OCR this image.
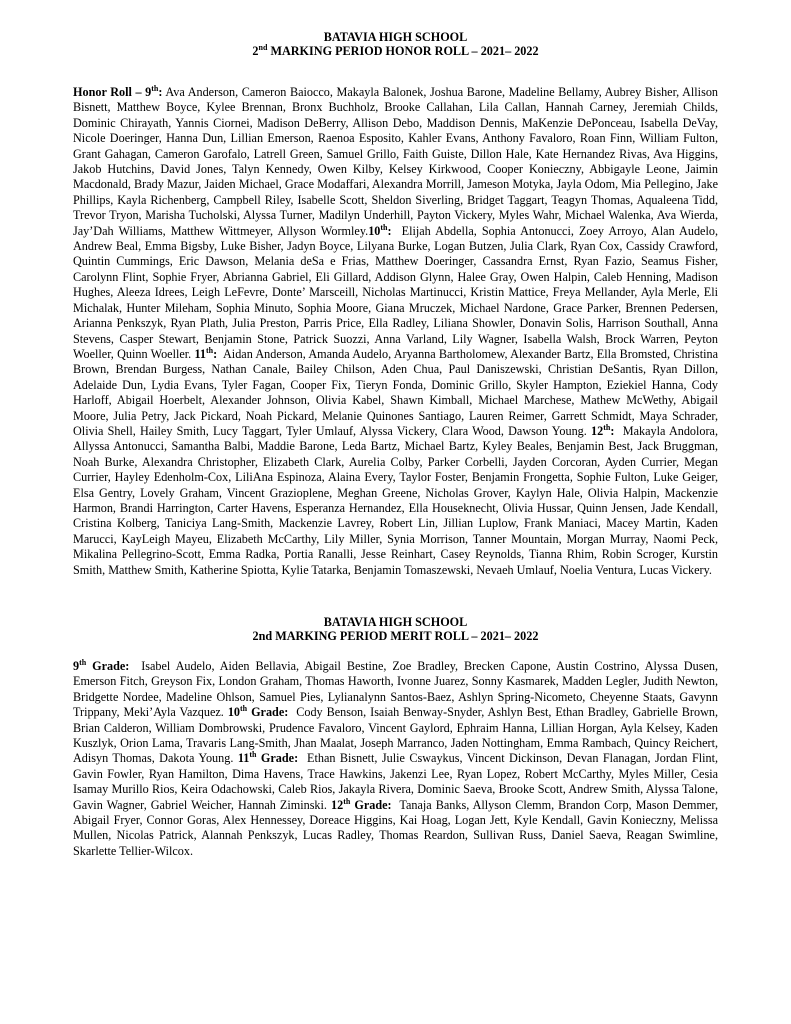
BATAVIA HIGH SCHOOL
2nd MARKING PERIOD HONOR ROLL – 2021– 2022

Honor Roll – 9th: Ava Anderson, Cameron Baiocco, Makayla Balonek, Joshua Barone, Madeline Bellamy, Aubrey Bisher, Allison Bisnett, Matthew Boyce, Kylee Brennan, Bronx Buchholz, Brooke Callahan, Lila Callan, Hannah Carney, Jeremiah Childs, Dominic Chirayath, Yannis Ciornei, Madison DeBerry, Allison Debo, Maddison Dennis, MaKenzie DePonceau, Isabella DeVay, Nicole Doeringer, Hanna Dun, Lillian Emerson, Raenoa Esposito, Kahler Evans, Anthony Favaloro, Roan Finn, William Fulton, Grant Gahagan, Cameron Garofalo, Latrell Green, Samuel Grillo, Faith Guiste, Dillon Hale, Kate Hernandez Rivas, Ava Higgins, Jakob Hutchins, David Jones, Talyn Kennedy, Owen Kilby, Kelsey Kirkwood, Cooper Konieczny, Abbigayle Leone, Jaimin Macdonald, Brady Mazur, Jaiden Michael, Grace Modaffari, Alexandra Morrill, Jameson Motyka, Jayla Odom, Mia Pellegino, Jake Phillips, Kayla Richenberg, Campbell Riley, Isabelle Scott, Sheldon Siverling, Bridget Taggart, Teagyn Thomas, Aqualeena Tidd, Trevor Tryon, Marisha Tucholski, Alyssa Turner, Madilyn Underhill, Payton Vickery, Myles Wahr, Michael Walenka, Ava Wierda, Jay’Dah Williams, Matthew Wittmeyer, Allyson Wormley.10th: Elijah Abdella, Sophia Antonucci, Zoey Arroyo, Alan Audelo, Andrew Beal, Emma Bigsby, Luke Bisher, Jadyn Boyce, Lilyana Burke, Logan Butzen, Julia Clark, Ryan Cox, Cassidy Crawford, Quintin Cummings, Eric Dawson, Melania deSa e Frias, Matthew Doeringer, Cassandra Ernst, Ryan Fazio, Seamus Fisher, Carolynn Flint, Sophie Fryer, Abrianna Gabriel, Eli Gillard, Addison Glynn, Halee Gray, Owen Halpin, Caleb Henning, Madison Hughes, Aleeza Idrees, Leigh LeFevre, Donte’ Marsceill, Nicholas Martinucci, Kristin Mattice, Freya Mellander, Ayla Merle, Eli Michalak, Hunter Mileham, Sophia Minuto, Sophia Moore, Giana Mruczek, Michael Nardone, Grace Parker, Brennen Pedersen, Arianna Penkszyk, Ryan Plath, Julia Preston, Parris Price, Ella Radley, Liliana Showler, Donavin Solis, Harrison Southall, Anna Stevens, Casper Stewart, Benjamin Stone, Patrick Suozzi, Anna Varland, Lily Wagner, Isabella Walsh, Brock Warren, Peyton Woeller, Quinn Woeller. 11th: Aidan Anderson, Amanda Audelo, Aryanna Bartholomew, Alexander Bartz, Ella Bromsted, Christina Brown, Brendan Burgess, Nathan Canale, Bailey Chilson, Aden Chua, Paul Daniszewski, Christian DeSantis, Ryan Dillon, Adelaide Dun, Lydia Evans, Tyler Fagan, Cooper Fix, Tieryn Fonda, Dominic Grillo, Skyler Hampton, Eziekiel Hanna, Cody Harloff, Abigail Hoerbelt, Alexander Johnson, Olivia Kabel, Shawn Kimball, Michael Marchese, Mathew McWethy, Abigail Moore, Julia Petry, Jack Pickard, Noah Pickard, Melanie Quinones Santiago, Lauren Reimer, Garrett Schmidt, Maya Schrader, Olivia Shell, Hailey Smith, Lucy Taggart, Tyler Umlauf, Alyssa Vickery, Clara Wood, Dawson Young. 12th: Makayla Andolora, Allyssa Antonucci, Samantha Balbi, Maddie Barone, Leda Bartz, Michael Bartz, Kyley Beales, Benjamin Best, Jack Bruggman, Noah Burke, Alexandra Christopher, Elizabeth Clark, Aurelia Colby, Parker Corbelli, Jayden Corcoran, Ayden Currier, Megan Currier, Hayley Edenholm-Cox, LiliAna Espinoza, Alaina Every, Taylor Foster, Benjamin Frongetta, Sophie Fulton, Luke Geiger, Elsa Gentry, Lovely Graham, Vincent Grazioplene, Meghan Greene, Nicholas Grover, Kaylyn Hale, Olivia Halpin, Mackenzie Harmon, Brandi Harrington, Carter Havens, Esperanza Hernandez, Ella Houseknecht, Olivia Hussar, Quinn Jensen, Jade Kendall, Cristina Kolberg, Taniciya Lang-Smith, Mackenzie Lavrey, Robert Lin, Jillian Luplow, Frank Maniaci, Macey Martin, Kaden Marucci, KayLeigh Mayeu, Elizabeth McCarthy, Lily Miller, Synia Morrison, Tanner Mountain, Morgan Murray, Naomi Peck, Mikalina Pellegrino-Scott, Emma Radka, Portia Ranalli, Jesse Reinhart, Casey Reynolds, Tianna Rhim, Robin Scroger, Kurstin Smith, Matthew Smith, Katherine Spiotta, Kylie Tatarka, Benjamin Tomaszewski, Nevaeh Umlauf, Noelia Ventura, Lucas Vickery.

BATAVIA HIGH SCHOOL
2nd MARKING PERIOD MERIT ROLL – 2021– 2022

9th Grade: Isabel Audelo, Aiden Bellavia, Abigail Bestine, Zoe Bradley, Brecken Capone, Austin Costrino, Alyssa Dusen, Emerson Fitch, Greyson Fix, London Graham, Thomas Haworth, Ivonne Juarez, Sonny Kasmarek, Madden Legler, Judith Newton, Bridgette Nordee, Madeline Ohlson, Samuel Pies, Lylianalynn Santos-Baez, Ashlyn Spring-Nicometo, Cheyenne Staats, Gavynn Trippany, Meki’Ayla Vazquez. 10th Grade: Cody Benson, Isaiah Benway-Snyder, Ashlyn Best, Ethan Bradley, Gabrielle Brown, Brian Calderon, William Dombrowski, Prudence Favaloro, Vincent Gaylord, Ephraim Hanna, Lillian Horgan, Ayla Kelsey, Kaden Kuszlyk, Orion Lama, Travaris Lang-Smith, Jhan Maalat, Joseph Marranco, Jaden Nottingham, Emma Rambach, Quincy Reichert, Adisyn Thomas, Dakota Young. 11th Grade: Ethan Bisnett, Julie Cswaykus, Vincent Dickinson, Devan Flanagan, Jordan Flint, Gavin Fowler, Ryan Hamilton, Dima Havens, Trace Hawkins, Jakenzi Lee, Ryan Lopez, Robert McCarthy, Myles Miller, Cesia Isamay Murillo Rios, Keira Odachowski, Caleb Rios, Jakayla Rivera, Dominic Saeva, Brooke Scott, Andrew Smith, Alyssa Talone, Gavin Wagner, Gabriel Weicher, Hannah Ziminski. 12th Grade: Tanaja Banks, Allyson Clemm, Brandon Corp, Mason Demmer, Abigail Fryer, Connor Goras, Alex Hennessey, Doreace Higgins, Kai Hoag, Logan Jett, Kyle Kendall, Gavin Konieczny, Melissa Mullen, Nicolas Patrick, Alannah Penkszyk, Lucas Radley, Thomas Reardon, Sullivan Russ, Daniel Saeva, Reagan Swimline, Skarlette Tellier-Wilcox.
